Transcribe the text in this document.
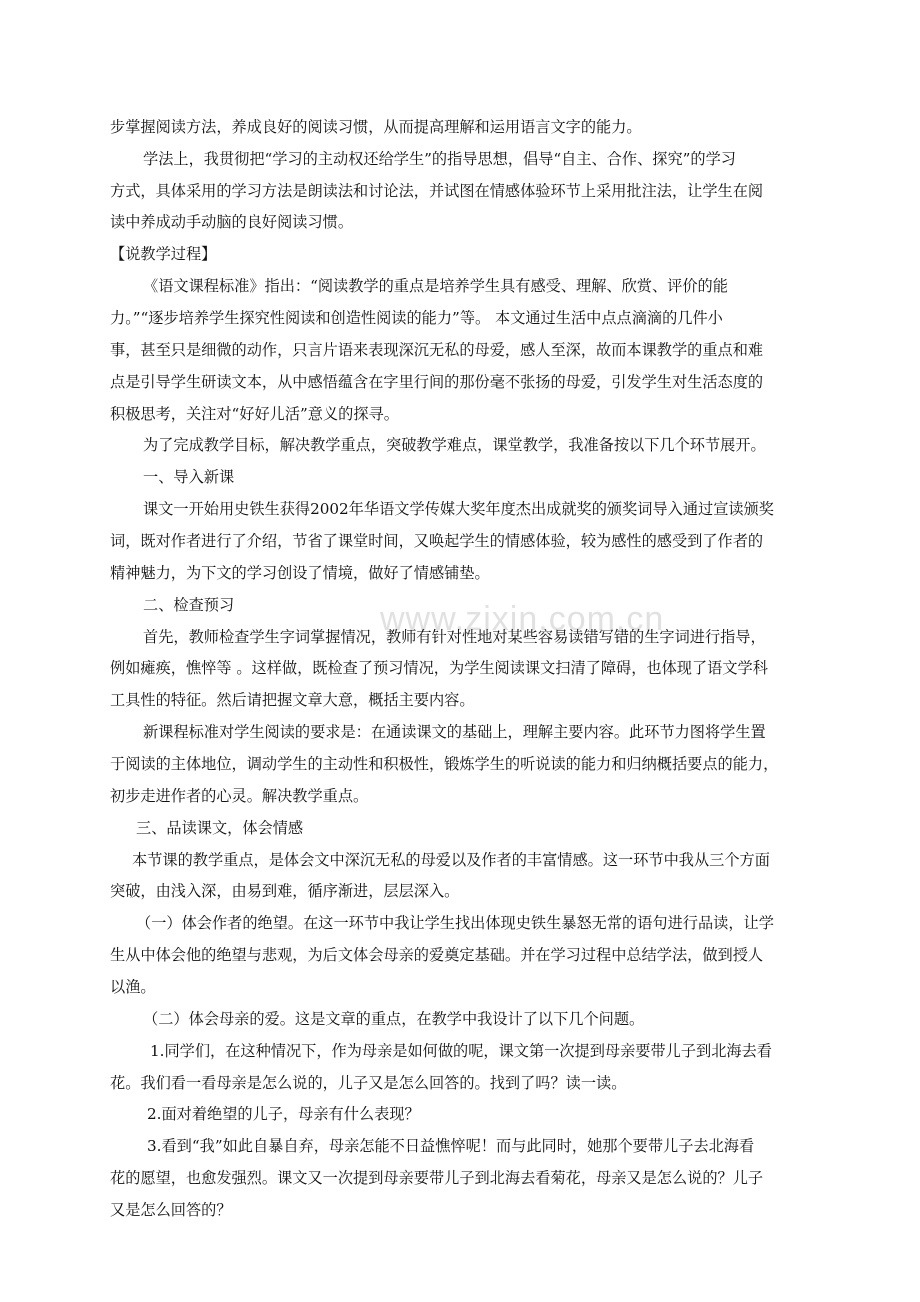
www.zixin.com.cn
步掌握阅读方法，养成良好的阅读习惯，从而提高理解和运用语言文字的能力。
学法上，我贯彻把“学习的主动权还给学生”的指导思想，倡导“自主、合作、探究”的学习
方式，具体采用的学习方法是朗读法和讨论法，并试图在情感体验环节上采用批注法，让学生在阅
读中养成动手动脑的良好阅读习惯。
【说教学过程】
《语文课程标准》指出：“阅读教学的重点是培养学生具有感受、理解、欣赏、评价的能
力。”“逐步培养学生探究性阅读和创造性阅读的能力”等。 本文通过生活中点点滴滴的几件小
事，甚至只是细微的动作，只言片语来表现深沉无私的母爱，感人至深，故而本课教学的重点和难
点是引导学生研读文本，从中感悟蕴含在字里行间的那份毫不张扬的母爱，引发学生对生活态度的
积极思考，关注对“好好儿活”意义的探寻。
为了完成教学目标，解决教学重点，突破教学难点，课堂教学，我准备按以下几个环节展开。
一、导入新课
课文一开始用史铁生获得2002年华语文学传媒大奖年度杰出成就奖的颁奖词导入通过宣读颁奖
词，既对作者进行了介绍，节省了课堂时间，又唤起学生的情感体验，较为感性的感受到了作者的
精神魅力，为下文的学习创设了情境，做好了情感铺垫。
二、检查预习
首先，教师检查学生字词掌握情况，教师有针对性地对某些容易读错写错的生字词进行指导，
例如瘫痪，憔悴等 。这样做，既检查了预习情况，为学生阅读课文扫清了障碍，也体现了语文学科
工具性的特征。然后请把握文章大意，概括主要内容。
新课程标准对学生阅读的要求是：在通读课文的基础上，理解主要内容。此环节力图将学生置
于阅读的主体地位，调动学生的主动性和积极性，锻炼学生的听说读的能力和归纳概括要点的能力，
初步走进作者的心灵。解决教学重点。
三、品读课文，体会情感
本节课的教学重点，是体会文中深沉无私的母爱以及作者的丰富情感。这一环节中我从三个方面
突破，由浅入深，由易到难，循序渐进，层层深入。
（一）体会作者的绝望。在这一环节中我让学生找出体现史铁生暴怒无常的语句进行品读，让学
生从中体会他的绝望与悲观，为后文体会母亲的爱奠定基础。并在学习过程中总结学法，做到授人
以渔。
（二）体会母亲的爱。这是文章的重点，在教学中我设计了以下几个问题。
1.同学们，在这种情况下，作为母亲是如何做的呢，课文第一次提到母亲要带儿子到北海去看
花。我们看一看母亲是怎么说的，儿子又是怎么回答的。找到了吗？读一读。
2.面对着绝望的儿子，母亲有什么表现？
3.看到“我”如此自暴自弃，母亲怎能不日益憔悴呢！而与此同时，她那个要带儿子去北海看
花的愿望，也愈发强烈。课文又一次提到母亲要带儿子到北海去看菊花，母亲又是怎么说的？儿子
又是怎么回答的？
